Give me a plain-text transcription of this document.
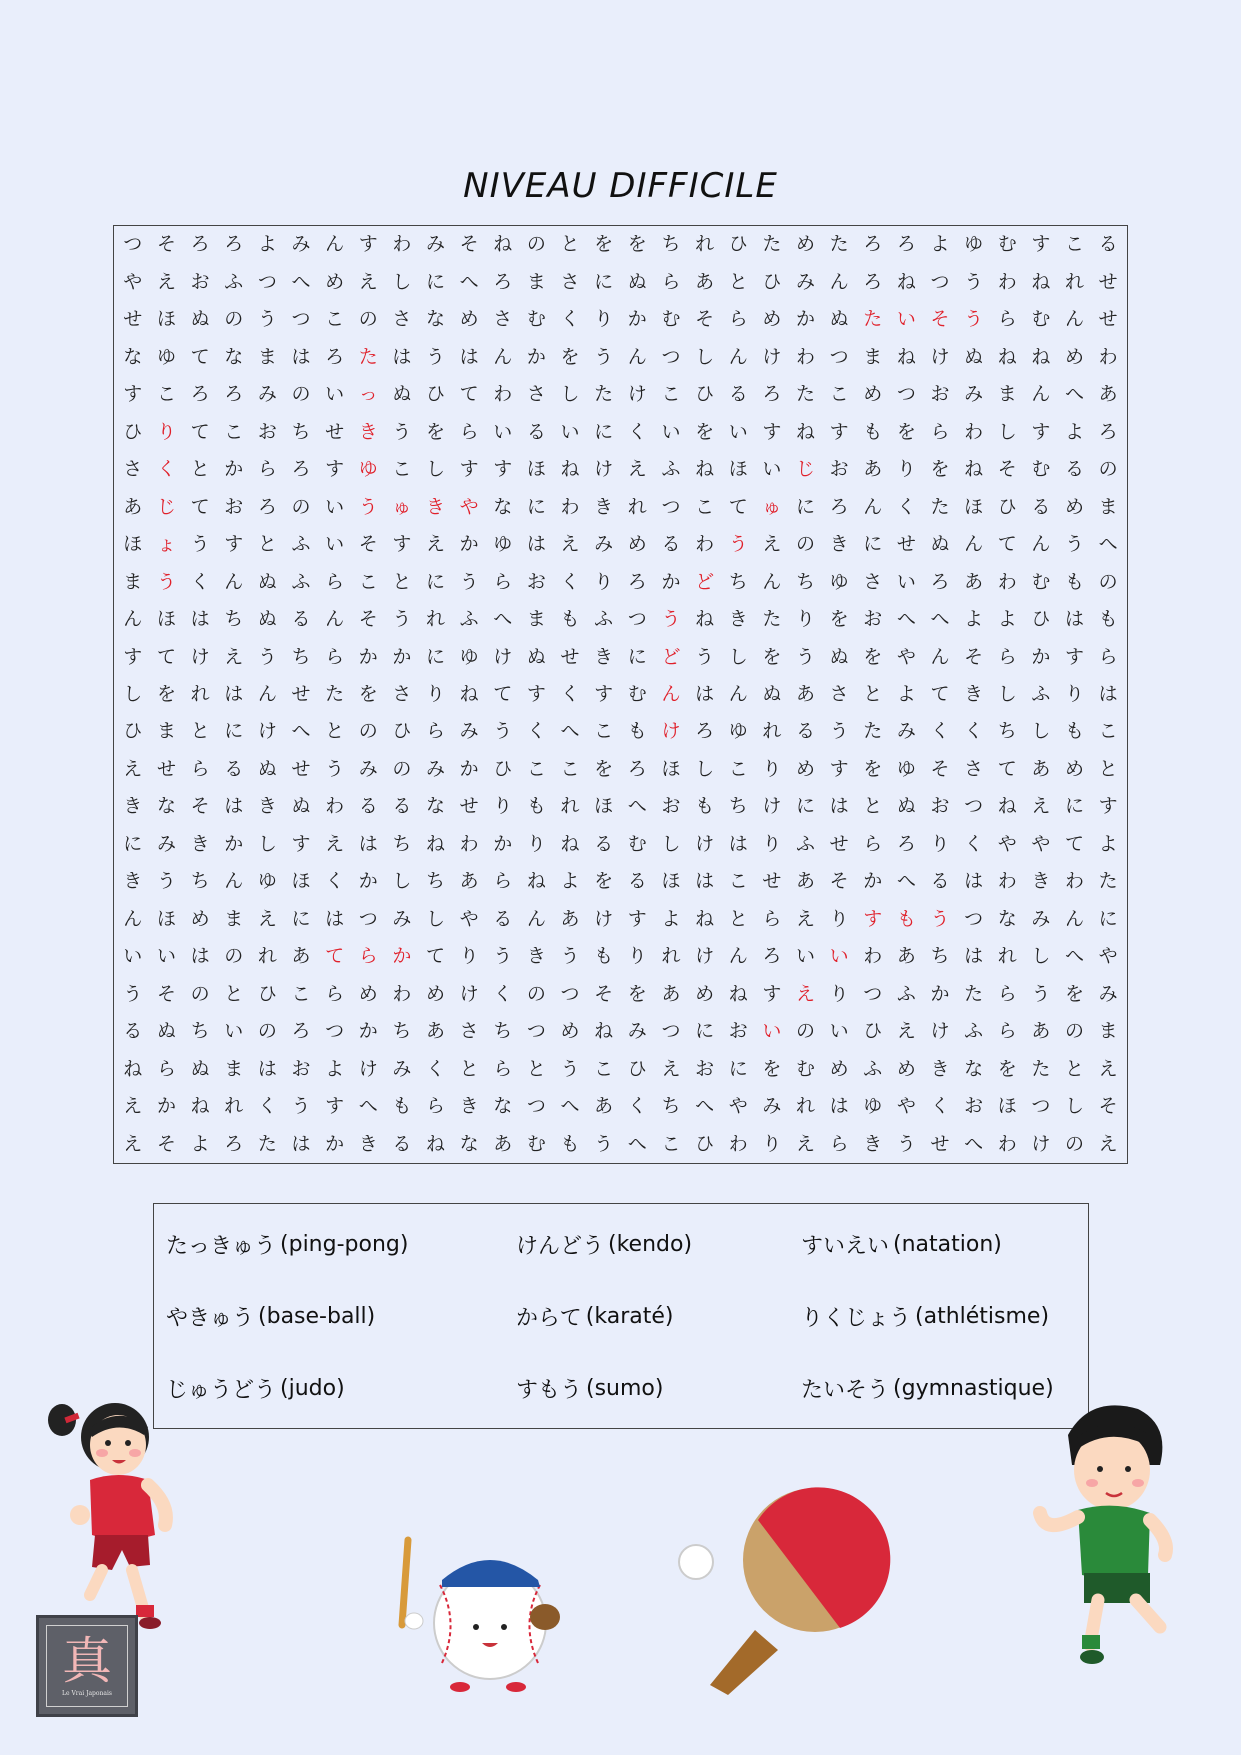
NIVEAU DIFFICILE
つ そ ろ ろ よ み ん す わ み そ ね の と を を ち れ ひ た め た ろ ろ よ ゆ む す こ る
や え お ふ つ へ め え し に へ ろ ま さ に ぬ ら あ と ひ み ん ろ ね つ う わ ね れ せ
せ ほ ぬ の う つ こ の さ な め さ む く り か む そ ら め か ぬ た い そ う ら む ん せ
な ゆ て な ま は ろ た は う は ん か を う ん つ し ん け わ つ ま ね け ぬ ね ね め わ
す こ ろ ろ み の い っ ぬ ひ て わ さ し た け こ ひ る ろ た こ め つ お み ま ん へ あ
ひ り て こ お ち せ き う を ら い る い に く い を い す ね す も を ら わ し す よ ろ
さ く と か ら ろ す ゆ こ し す す ほ ね け え ふ ね ほ い じ お あ り を ね そ む る の
あ じ て お ろ の い う ゅ き や な に わ き れ つ こ て ゅ に ろ ん く た ほ ひ る め ま
ほ ょ う す と ふ い そ す え か ゆ は え み め る わ う え の き に せ ぬ ん て ん う へ
ま う く ん ぬ ふ ら こ と に う ら お く り ろ か ど ち ん ち ゆ さ い ろ あ わ む も の
ん ほ は ち ぬ る ん そ う れ ふ へ ま も ふ つ う ね き た り を お へ へ よ よ ひ は も
す て け え う ち ら か か に ゆ け ぬ せ き に ど う し を う ぬ を や ん そ ら か す ら
し を れ は ん せ た を さ り ね て す く す む ん は ん ぬ あ さ と よ て き し ふ り は
ひ ま と に け へ と の ひ ら み う く へ こ も け ろ ゆ れ る う た み く く ち し も こ
え せ ら る ぬ せ う み の み か ひ こ こ を ろ ほ し こ り め す を ゆ そ さ て あ め と
き な そ は き ぬ わ る る な せ り も れ ほ へ お も ち け に は と ぬ お つ ね え に す
に み き か し す え は ち ね わ か り ね る む し け は り ふ せ ら ろ り く や や て よ
き う ち ん ゆ ほ く か し ち あ ら ね よ を る ほ は こ せ あ そ か へ る は わ き わ た
ん ほ め ま え に は つ み し や る ん あ け す よ ね と ら え り す も う つ な み ん に
い い は の れ あ て ら か て り う き う も り れ け ん ろ い い わ あ ち は れ し へ や
う そ の と ひ こ ら め わ め け く の つ そ を あ め ね す え り つ ふ か た ら う を み
る ぬ ち い の ろ つ か ち あ さ ち つ め ね み つ に お い の い ひ え け ふ ら あ の ま
ね ら ぬ ま は お よ け み く と ら と う こ ひ え お に を む め ふ め き な を た と え
え か ね れ く う す へ も ら き な つ へ あ く ち へ や み れ は ゆ や く お ほ つ し そ
え そ よ ろ た は か き る ね な あ む も う へ こ ひ わ り え ら き う せ へ わ け の え
たっきゅう (ping-pong)	けんどう (kendo)	すいえい (natation)
やきゅう (base-ball)	からて (karaté)	りくじょう (athlétisme)
じゅうどう (judo)	すもう (sumo)	たいそう (gymnastique)
真
Le Vrai Japonais
